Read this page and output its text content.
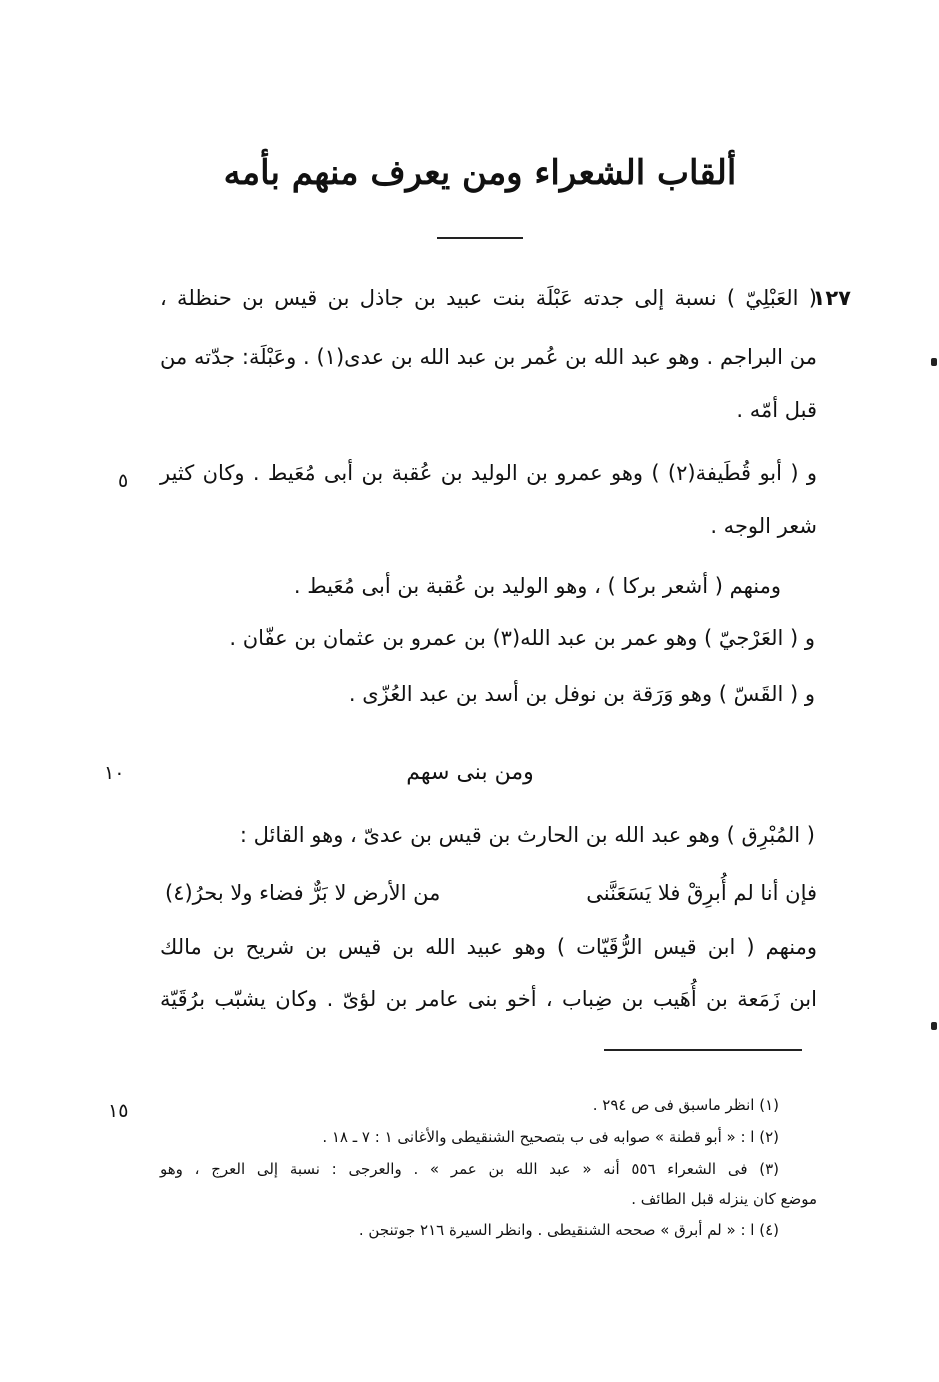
ألقاب الشعراء ومن يعرف منهم بأمه
١٢٧
( العَبْلِيّ ) نسبة إلى جدته عَبْلَة بنت عبيد بن جاذل بن قيس بن حنظلة ،
من البراجم . وهو عبد الله بن عُمر بن عبد الله بن عدى(١) . وعَبْلَة: جدّته من
قبل أمّه .
و ( أبو قُطَيفة(٢) ) وهو عمرو بن الوليد بن عُقبة بن أبى مُعَيط . وكان كثير
شعر الوجه .
ومنهم ( أشعر بركا ) ، وهو الوليد بن عُقبة بن أبى مُعَيط .
و ( العَرْجيّ ) وهو عمر بن عبد الله(٣) بن عمرو بن عثمان بن عفّان .
و ( القَسّ ) وهو وَرَقة بن نوفل بن أسد بن عبد العُزّى .
ومن بنى سهم
( المُبْرِق ) وهو عبد الله بن الحارث بن قيس بن عدىّ ، وهو القائل :
فإن أنا لم أُبرِقْ فلا يَسَعَنَّنى
من الأرض لا بَرٌّ فضاء ولا بحرُ(٤)
ومنهم ( ابن قيس الرُّقَيّات ) وهو عبيد الله بن قيس بن شريح بن مالك
ابن زَمَعة بن أُهَيب بن ضِباب ، أخو بنى عامر بن لؤىّ . وكان يشبّب برُقَيّة
٥
١٠
١٥	(١) انظر ماسبق فى ص ٢٩٤ .
(٢) ا : « أبو قطنة » صوابه فى ب بتصحيح الشنقيطى والأغانى ١ : ٧ ـ ١٨ .
(٣) فى الشعراء ٥٥٦ أنه « عبد الله بن عمر » . والعرجى : نسبة إلى العرج ، وهو
موضع كان ينزله قبل الطائف .
(٤) ا : « لم أبرق » صححه الشنقيطى . وانظر السيرة ٢١٦ جوتنجن .
